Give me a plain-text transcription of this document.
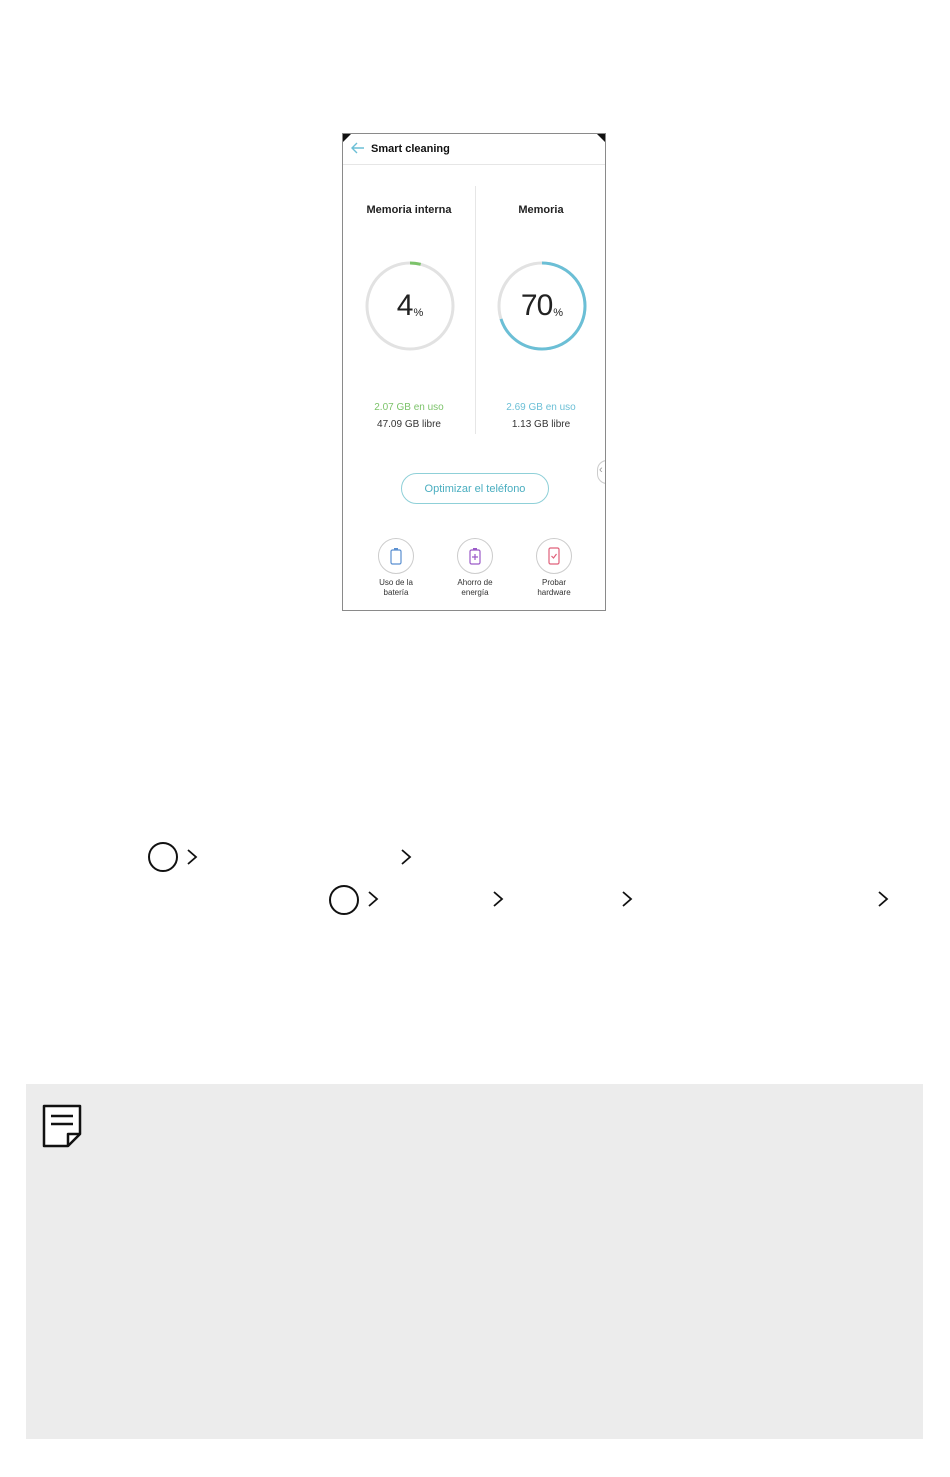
Smart cleaning
Memoria interna	Memoria
4 %	70 %
2.07 GB en uso
47.09 GB libre
2.69 GB en uso
1.13 GB libre
‹
Optimizar el teléfono
Uso de la
batería
Ahorro de
energía
Probar
hardware
